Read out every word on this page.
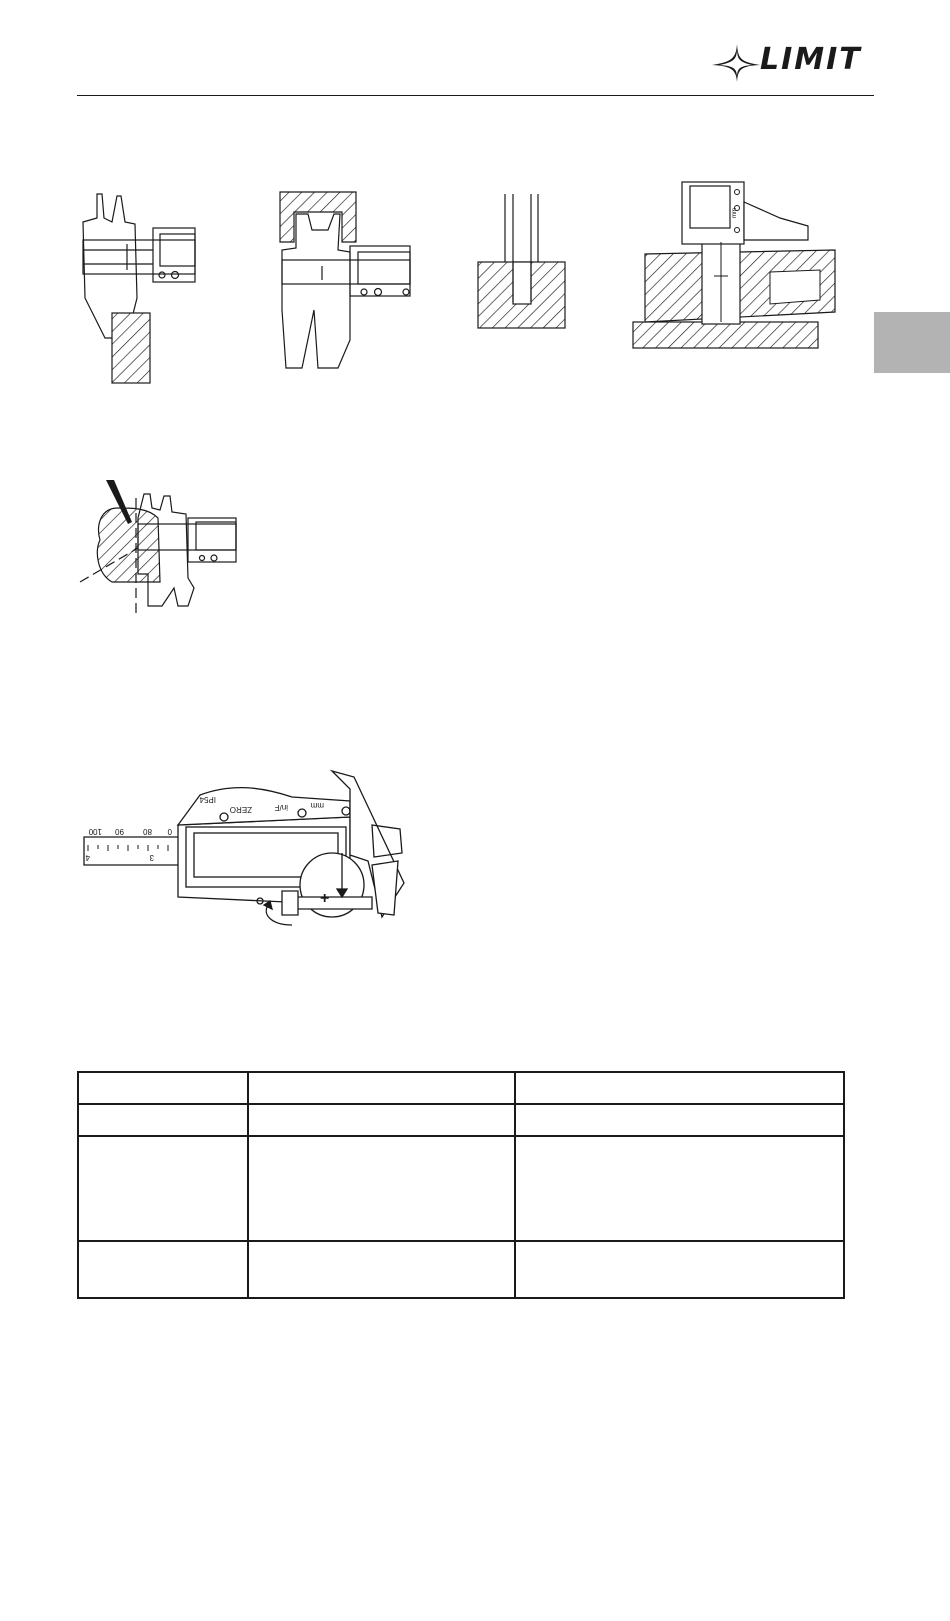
LIMIT
mm
IP54
ZERO	in/F	mm
100 90 80 0
4	3
+
